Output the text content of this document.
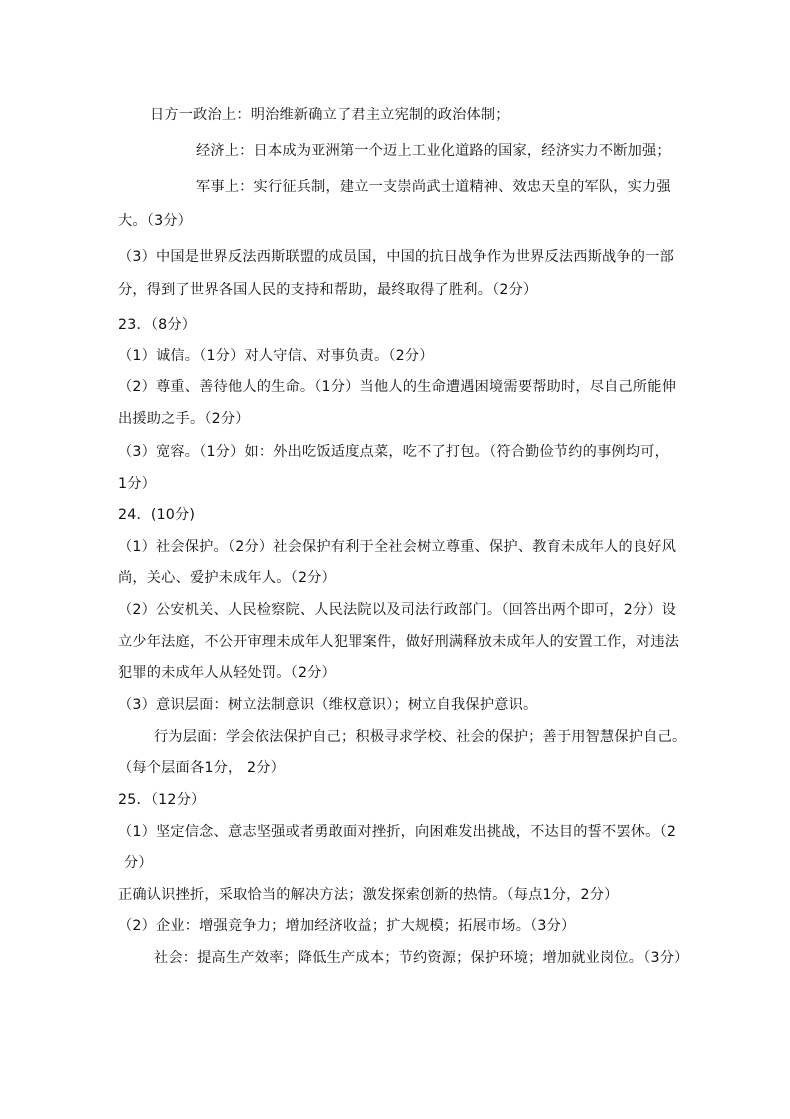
日方一政治上：明治维新确立了君主立宪制的政治体制；
经济上：日本成为亚洲第一个迈上工业化道路的国家，经济实力不断加强；
军事上：实行征兵制，建立一支崇尚武士道精神、效忠天皇的军队，实力强
大。（3分）
（3）中国是世界反法西斯联盟的成员国，中国的抗日战争作为世界反法西斯战争的一部
分，得到了世界各国人民的支持和帮助，最终取得了胜利。（2分）
23．（8分）
（1）诚信。（1分）对人守信、对事负责。（2分）
（2）尊重、善待他人的生命。（1分）当他人的生命遭遇困境需要帮助时，尽自己所能伸
出援助之手。（2分）
（3）宽容。（1分）如：外出吃饭适度点菜，吃不了打包。（符合勤俭节约的事例均可，
1分）
24．(10分)
（1）社会保护。（2分）社会保护有利于全社会树立尊重、保护、教育未成年人的良好风
尚，关心、爱护未成年人。（2分）
（2）公安机关、人民检察院、人民法院以及司法行政部门。（回答出两个即可，2分）设
立少年法庭，不公开审理未成年人犯罪案件，做好刑满释放未成年人的安置工作，对违法
犯罪的未成年人从轻处罚。（2分）
（3）意识层面：树立法制意识（维权意识）；树立自我保护意识。
行为层面：学会依法保护自己；积极寻求学校、社会的保护；善于用智慧保护自己。
（每个层面各1分， 2分）
25．（12分）
（1）坚定信念、意志坚强或者勇敢面对挫折，向困难发出挑战，不达目的誓不罢休。（2
分）
正确认识挫折，采取恰当的解决方法；激发探索创新的热情。（每点1分，2分）
（2）企业：增强竞争力；增加经济收益；扩大规模；拓展市场。（3分）
社会：提高生产效率；降低生产成本；节约资源；保护环境；增加就业岗位。（3分）
